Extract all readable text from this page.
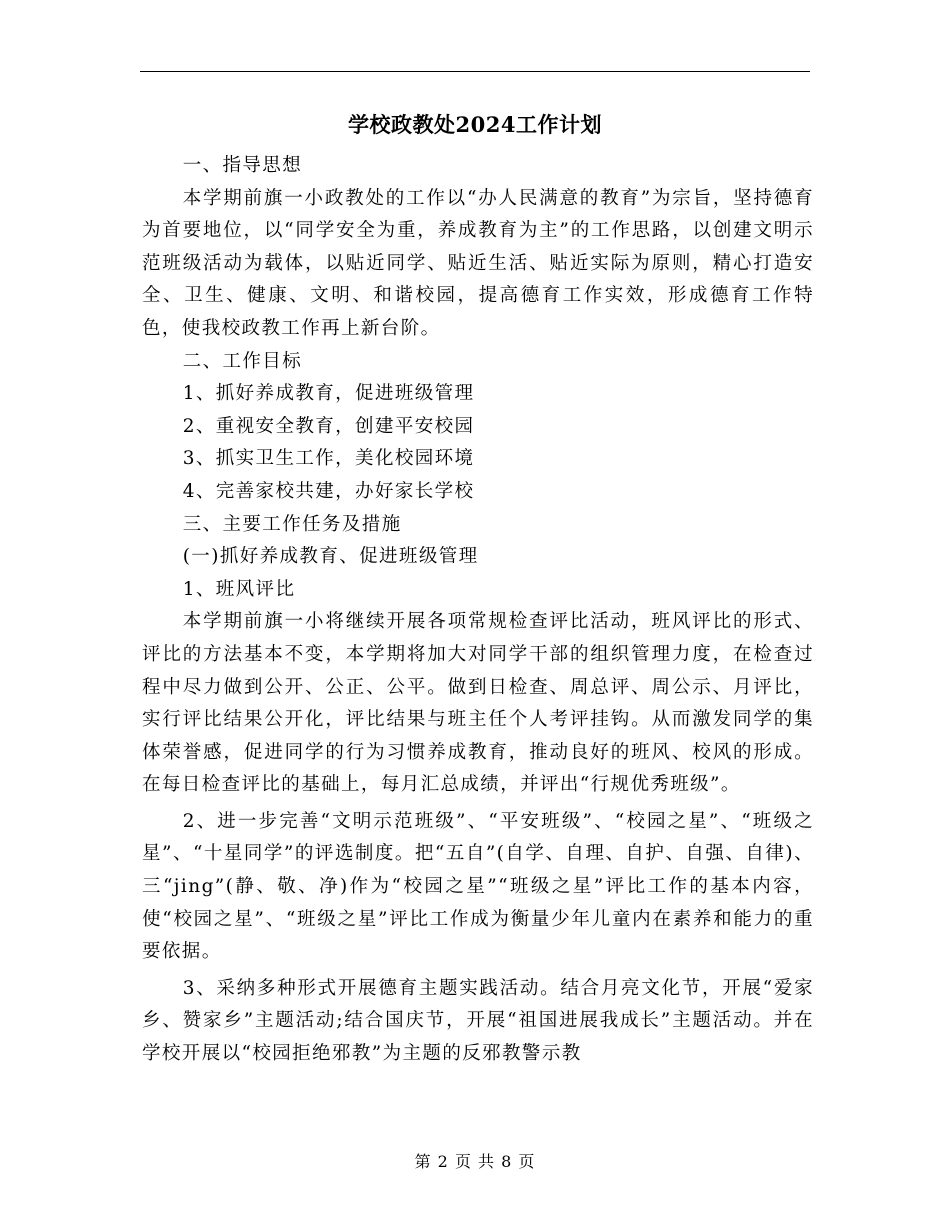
学校政教处2024工作计划

一、指导思想

本学期前旗一小政教处的工作以“办人民满意的教育”为宗旨，坚持德育为首要地位，以“同学安全为重，养成教育为主”的工作思路，以创建文明示范班级活动为载体，以贴近同学、贴近生活、贴近实际为原则，精心打造安全、卫生、健康、文明、和谐校园，提高德育工作实效，形成德育工作特色，使我校政教工作再上新台阶。

二、工作目标

1、抓好养成教育，促进班级管理

2、重视安全教育，创建平安校园

3、抓实卫生工作，美化校园环境

4、完善家校共建，办好家长学校

三、主要工作任务及措施

(一)抓好养成教育、促进班级管理

1、班风评比

本学期前旗一小将继续开展各项常规检查评比活动，班风评比的形式、评比的方法基本不变，本学期将加大对同学干部的组织管理力度，在检查过程中尽力做到公开、公正、公平。做到日检查、周总评、周公示、月评比，实行评比结果公开化，评比结果与班主任个人考评挂钩。从而激发同学的集体荣誉感，促进同学的行为习惯养成教育，推动良好的班风、校风的形成。在每日检查评比的基础上，每月汇总成绩，并评出“行规优秀班级”。

2、进一步完善“文明示范班级”、“平安班级”、“校园之星”、“班级之星”、“十星同学”的评选制度。把“五自”(自学、自理、自护、自强、自律)、三“jing”(静、敬、净)作为“校园之星”“班级之星”评比工作的基本内容，使“校园之星”、“班级之星”评比工作成为衡量少年儿童内在素养和能力的重要依据。

3、采纳多种形式开展德育主题实践活动。结合月亮文化节，开展“爱家乡、赞家乡”主题活动;结合国庆节，开展“祖国进展我成长”主题活动。并在学校开展以“校园拒绝邪教”为主题的反邪教警示教

第 2 页 共 8 页
